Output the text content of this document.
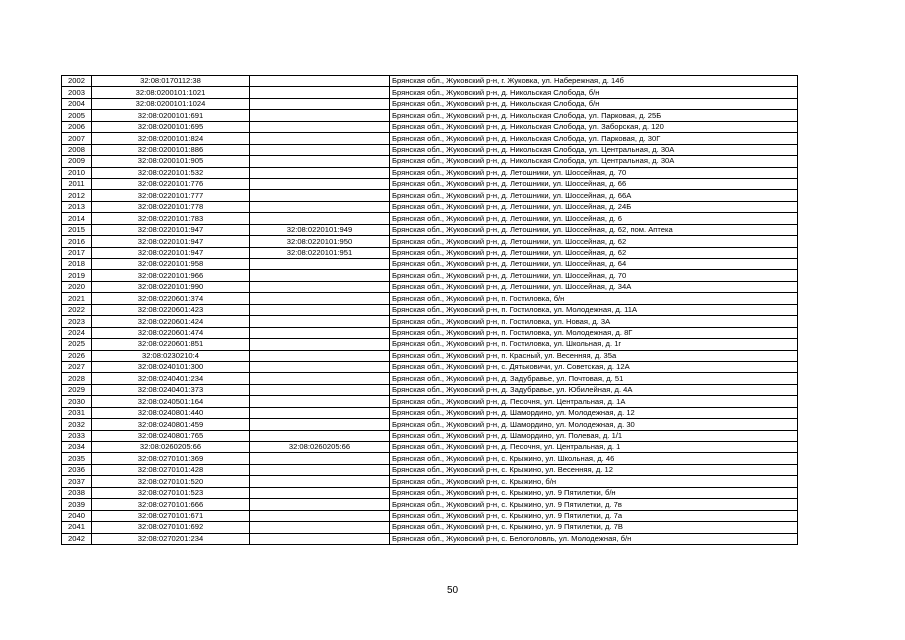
2002	32:08:0170112:38		Брянская обл., Жуковский р-н, г. Жуковка, ул. Набережная, д. 14б
2003	32:08:0200101:1021		Брянская обл., Жуковский р-н, д. Никольская Слобода, б/н
2004	32:08:0200101:1024		Брянская обл., Жуковский р-н, д. Никольская Слобода, б/н
2005	32:08:0200101:691		Брянская обл., Жуковский р-н, д. Никольская Слобода, ул. Парковая, д. 25Б
2006	32:08:0200101:695		Брянская обл., Жуковский р-н, д. Никольская Слобода, ул. Заборская, д. 120
2007	32:08:0200101:824		Брянская обл., Жуковский р-н, д. Никольская Слобода, ул. Парковая, д. 30Г
2008	32:08:0200101:886		Брянская обл., Жуковский р-н, д. Никольская Слобода, ул. Центральная, д. 30А
2009	32:08:0200101:905		Брянская обл., Жуковский р-н, д. Никольская Слобода, ул. Центральная, д. 30А
2010	32:08:0220101:532		Брянская обл., Жуковский р-н, д. Летошники, ул. Шоссейная, д. 70
2011	32:08:0220101:776		Брянская обл., Жуковский р-н, д. Летошники, ул. Шоссейная, д. 66
2012	32:08:0220101:777		Брянская обл., Жуковский р-н, д. Летошники, ул. Шоссейная, д. 66А
2013	32:08:0220101:778		Брянская обл., Жуковский р-н, д. Летошники, ул. Шоссейная, д. 24Б
2014	32:08:0220101:783		Брянская обл., Жуковский р-н, д. Летошники, ул. Шоссейная, д. 6
2015	32:08:0220101:947	32:08:0220101:949	Брянская обл., Жуковский р-н, д. Летошники, ул. Шоссейная, д. 62, пом. Аптека
2016	32:08:0220101:947	32:08:0220101:950	Брянская обл., Жуковский р-н, д. Летошники, ул. Шоссейная, д. 62
2017	32:08:0220101:947	32:08:0220101:951	Брянская обл., Жуковский р-н, д. Летошники, ул. Шоссейная, д. 62
2018	32:08:0220101:958		Брянская обл., Жуковский р-н, д. Летошники, ул. Шоссейная, д. 64
2019	32:08:0220101:966		Брянская обл., Жуковский р-н, д. Летошники, ул. Шоссейная, д. 70
2020	32:08:0220101:990		Брянская обл., Жуковский р-н, д. Летошники, ул. Шоссейная, д. 34А
2021	32:08:0220601:374		Брянская обл., Жуковский р-н, п. Гостиловка, б/н
2022	32:08:0220601:423		Брянская обл., Жуковский р-н, п. Гостиловка, ул. Молодежная, д. 11А
2023	32:08:0220601:424		Брянская обл., Жуковский р-н, п. Гостиловка, ул. Новая, д. 3А
2024	32:08:0220601:474		Брянская обл., Жуковский р-н, п. Гостиловка, ул. Молодежная, д. 8Г
2025	32:08:0220601:851		Брянская обл., Жуковский р-н, п. Гостиловка, ул. Школьная, д. 1г
2026	32:08:0230210:4		Брянская обл., Жуковский р-н, п. Красный, ул. Весенняя, д. 35а
2027	32:08:0240101:300		Брянская обл., Жуковский р-н, с. Дятьковичи, ул. Советская, д. 12А
2028	32:08:0240401:234		Брянская обл., Жуковский р-н, д. Задубравье, ул. Почтовая, д. 51
2029	32:08:0240401:373		Брянская обл., Жуковский р-н, д. Задубравье, ул. Юбилейная, д. 4А
2030	32:08:0240501:164		Брянская обл., Жуковский р-н, д. Песочня, ул. Центральная, д. 1А
2031	32:08:0240801:440		Брянская обл., Жуковский р-н, д. Шамордино, ул. Молодежная, д. 12
2032	32:08:0240801:459		Брянская обл., Жуковский р-н, д. Шамордино, ул. Молодежная, д. 30
2033	32:08:0240801:765		Брянская обл., Жуковский р-н, д. Шамордино, ул. Полевая, д. 1/1
2034	32:08:0260205:66	32:08:0260205:66	Брянская обл., Жуковский р-н, д. Песочня, ул. Центральная, д. 1
2035	32:08:0270101:369		Брянская обл., Жуковский р-н, с. Крыжино, ул. Школьная, д. 46
2036	32:08:0270101:428		Брянская обл., Жуковский р-н, с. Крыжино, ул. Весенняя, д. 12
2037	32:08:0270101:520		Брянская обл., Жуковский р-н, с. Крыжино, б/н
2038	32:08:0270101:523		Брянская обл., Жуковский р-н, с. Крыжино, ул. 9 Пятилетки, б/н
2039	32:08:0270101:666		Брянская обл., Жуковский р-н, с. Крыжино, ул. 9 Пятилетки, д. 7в
2040	32:08:0270101:671		Брянская обл., Жуковский р-н, с. Крыжино, ул. 9 Пятилетки, д. 7а
2041	32:08:0270101:692		Брянская обл., Жуковский р-н, с. Крыжино, ул. 9 Пятилетки, д. 7В
2042	32:08:0270201:234		Брянская обл., Жуковский р-н, с. Белоголовль, ул. Молодежная, б/н
50
